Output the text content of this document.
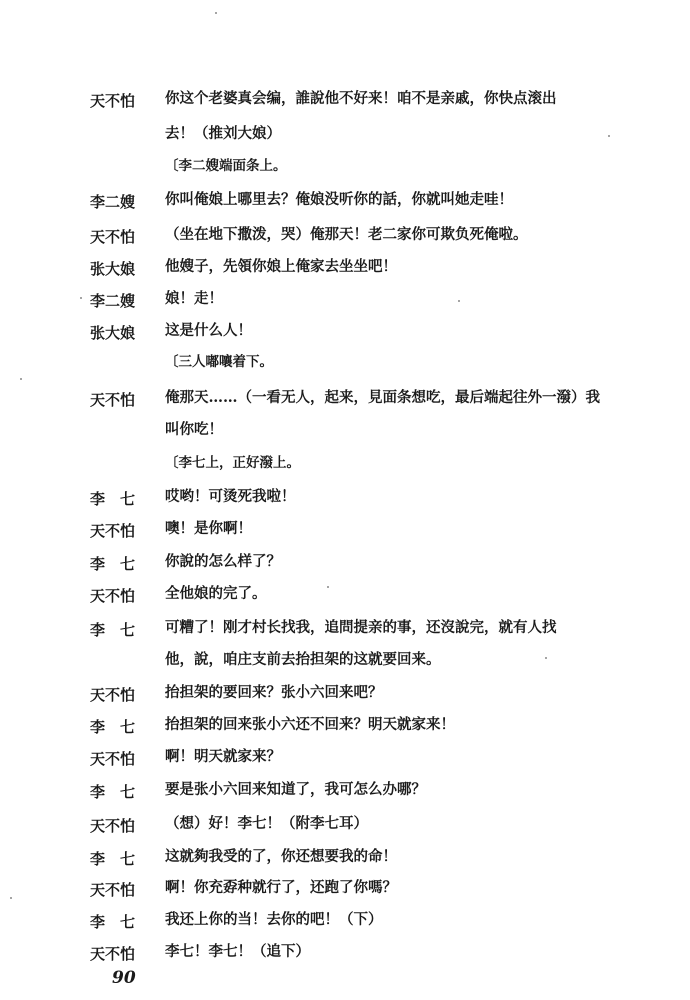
天不怕	你这个老婆真会编，誰說他不好来！咱不是亲戚，你快点滚出
去！（推刘大娘）
〔李二嫂端面条上。
李二嫂	你叫俺娘上哪里去？俺娘没听你的話，你就叫她走哇！
天不怕	（坐在地下撒泼，哭）俺那天！老二家你可欺负死俺啦。
张大娘	他嫂子，先領你娘上俺家去坐坐吧！
李二嫂	娘！走！
张大娘	这是什么人！
〔三人嘟嚷着下。
天不怕	俺那天……（一看无人，起来，見面条想吃，最后端起往外一潑）我
叫你吃！
〔李七上，正好潑上。
李　七	哎哟！可烫死我啦！
天不怕	噢！是你啊！
李　七	你說的怎么样了？
天不怕	全他娘的完了。
李　七	可糟了！刚才村长找我，追問提亲的事，还沒說完，就有人找
他，說，咱庄支前去抬担架的这就要回来。
天不怕	抬担架的要回来？张小六回来吧？
李　七	抬担架的回来张小六还不回来？明天就家来！
天不怕	啊！明天就家来？
李　七	要是张小六回来知道了，我可怎么办哪？
天不怕	（想）好！李七！（附李七耳）
李　七	这就夠我受的了，你还想要我的命！
天不怕	啊！你充孬种就行了，还跑了你嗎？
李　七	我还上你的当！去你的吧！（下）
天不怕	李七！李七！（追下）
90
